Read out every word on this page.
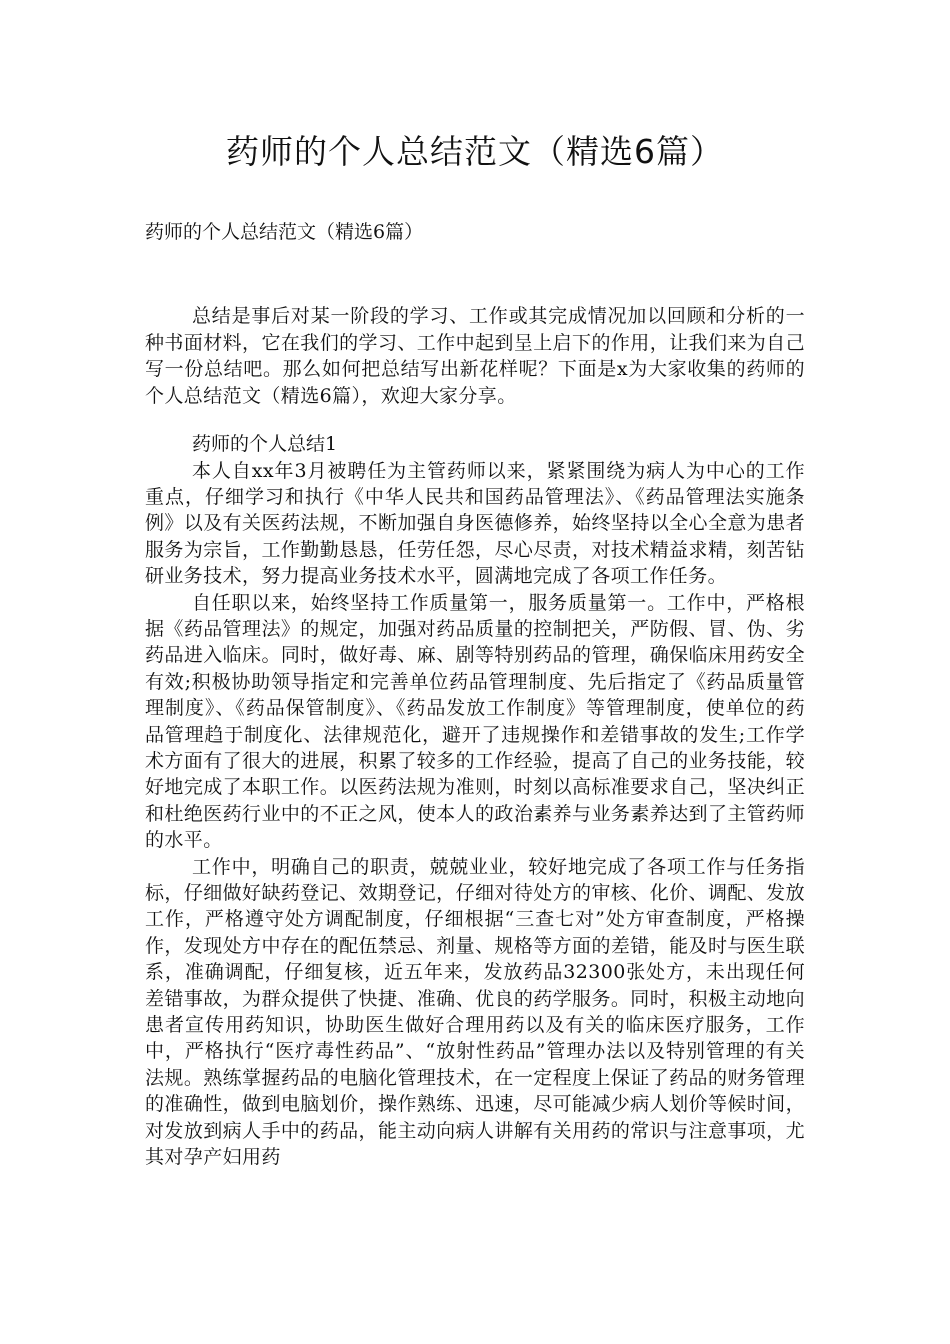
药师的个人总结范文（精选6篇）

药师的个人总结范文（精选6篇）

总结是事后对某一阶段的学习、工作或其完成情况加以回顾和分析的一种书面材料，它在我们的学习、工作中起到呈上启下的作用，让我们来为自己写一份总结吧。那么如何把总结写出新花样呢？下面是x为大家收集的药师的个人总结范文（精选6篇），欢迎大家分享。

药师的个人总结1

本人自xx年3月被聘任为主管药师以来，紧紧围绕为病人为中心的工作重点，仔细学习和执行《中华人民共和国药品管理法》、《药品管理法实施条例》以及有关医药法规，不断加强自身医德修养，始终坚持以全心全意为患者服务为宗旨，工作勤勤恳恳，任劳任怨，尽心尽责，对技术精益求精，刻苦钻研业务技术，努力提高业务技术水平，圆满地完成了各项工作任务。

自任职以来，始终坚持工作质量第一，服务质量第一。工作中，严格根据《药品管理法》的规定，加强对药品质量的控制把关，严防假、冒、伪、劣药品进入临床。同时，做好毒、麻、剧等特别药品的管理，确保临床用药安全有效;积极协助领导指定和完善单位药品管理制度、先后指定了《药品质量管理制度》、《药品保管制度》、《药品发放工作制度》等管理制度，使单位的药品管理趋于制度化、法律规范化，避开了违规操作和差错事故的发生;工作学术方面有了很大的进展，积累了较多的工作经验，提高了自己的业务技能，较好地完成了本职工作。以医药法规为准则，时刻以高标准要求自己，坚决纠正和杜绝医药行业中的不正之风，使本人的政治素养与业务素养达到了主管药师的水平。

工作中，明确自己的职责，兢兢业业，较好地完成了各项工作与任务指标，仔细做好缺药登记、效期登记，仔细对待处方的审核、化价、调配、发放工作，严格遵守处方调配制度，仔细根据“三查七对”处方审查制度，严格操作，发现处方中存在的配伍禁忌、剂量、规格等方面的差错，能及时与医生联系，准确调配，仔细复核，近五年来，发放药品32300张处方，未出现任何差错事故，为群众提供了快捷、准确、优良的药学服务。同时，积极主动地向患者宣传用药知识，协助医生做好合理用药以及有关的临床医疗服务，工作中，严格执行“医疗毒性药品”、“放射性药品”管理办法以及特别管理的有关法规。熟练掌握药品的电脑化管理技术，在一定程度上保证了药品的财务管理的准确性，做到电脑划价，操作熟练、迅速，尽可能减少病人划价等候时间，对发放到病人手中的药品，能主动向病人讲解有关用药的常识与注意事项，尤其对孕产妇用药
